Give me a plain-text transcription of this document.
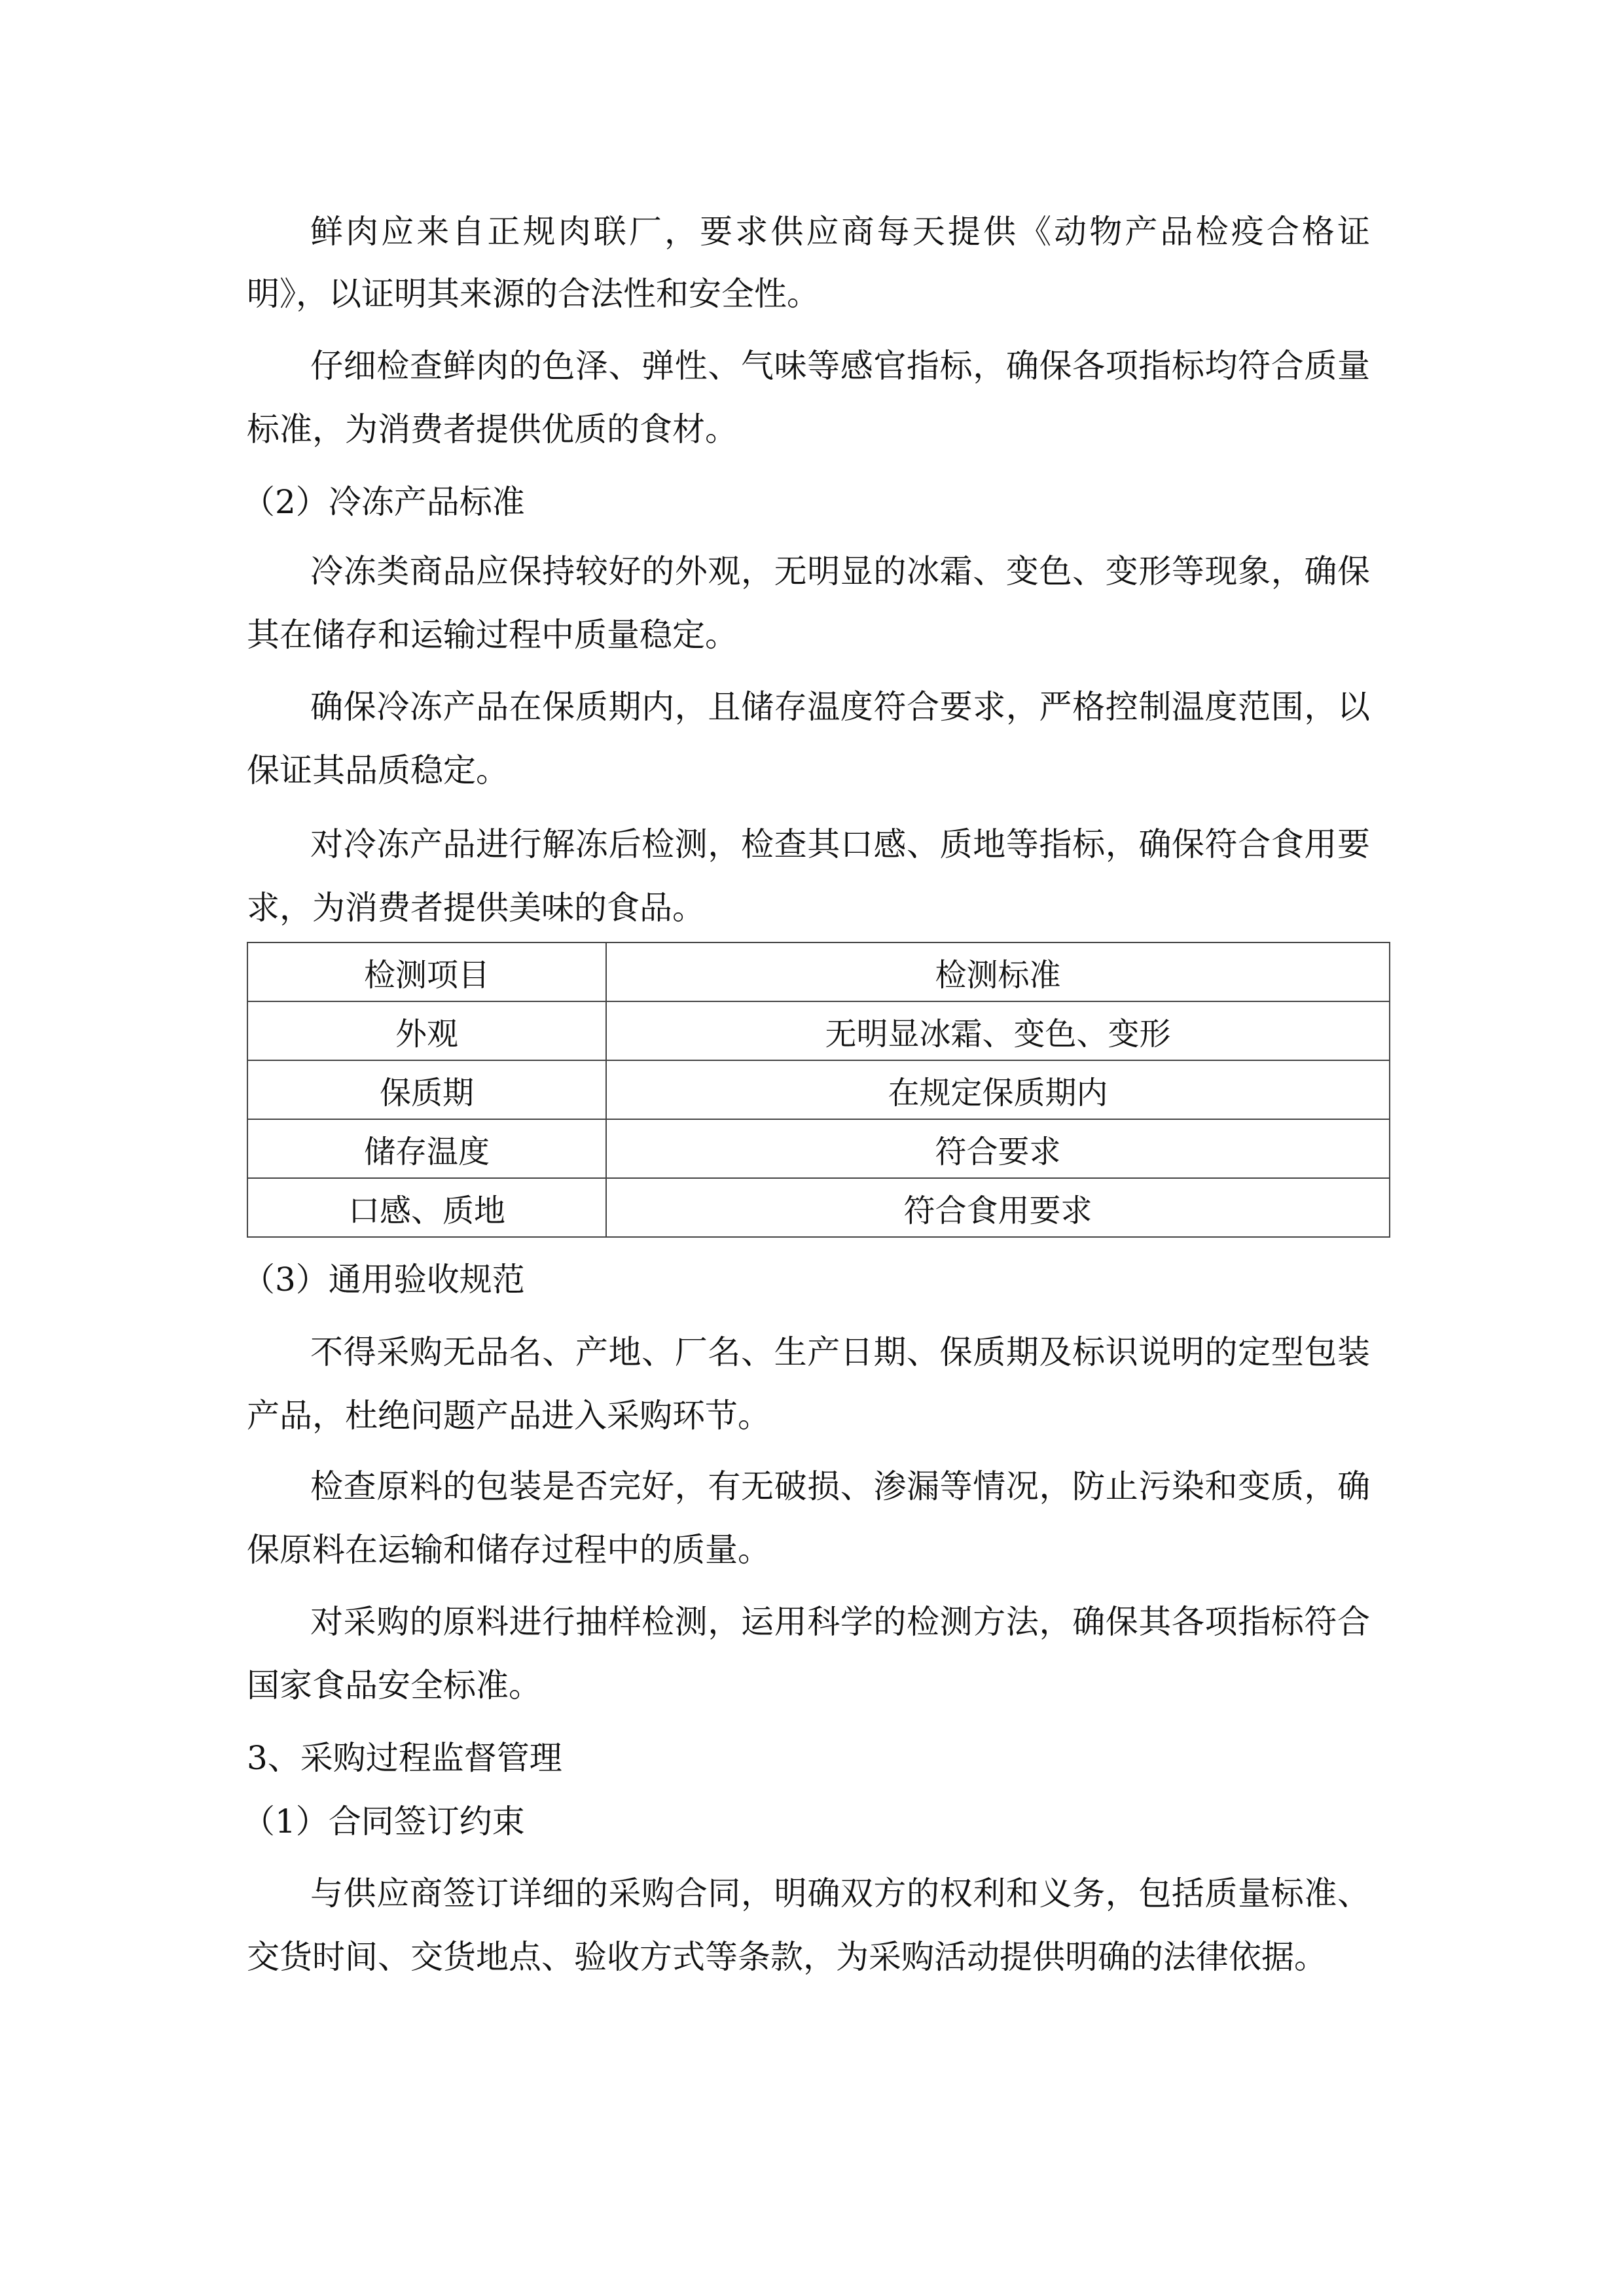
鲜肉应来自正规肉联厂，要求供应商每天提供《动物产品检疫合格证
明》，以证明其来源的合法性和安全性。
仔细检查鲜肉的色泽、弹性、气味等感官指标，确保各项指标均符合质量
标准，为消费者提供优质的食材。
（2）冷冻产品标准
冷冻类商品应保持较好的外观，无明显的冰霜、变色、变形等现象，确保
其在储存和运输过程中质量稳定。
确保冷冻产品在保质期内，且储存温度符合要求，严格控制温度范围，以
保证其品质稳定。
对冷冻产品进行解冻后检测，检查其口感、质地等指标，确保符合食用要
求，为消费者提供美味的食品。
检测项目	检测标准
外观	无明显冰霜、变色、变形
保质期	在规定保质期内
储存温度	符合要求
口感、质地	符合食用要求
（3）通用验收规范
不得采购无品名、产地、厂名、生产日期、保质期及标识说明的定型包装
产品，杜绝问题产品进入采购环节。
检查原料的包装是否完好，有无破损、渗漏等情况，防止污染和变质，确
保原料在运输和储存过程中的质量。
对采购的原料进行抽样检测，运用科学的检测方法，确保其各项指标符合
国家食品安全标准。
3、采购过程监督管理
（1）合同签订约束
与供应商签订详细的采购合同，明确双方的权利和义务，包括质量标准、
交货时间、交货地点、验收方式等条款，为采购活动提供明确的法律依据。
